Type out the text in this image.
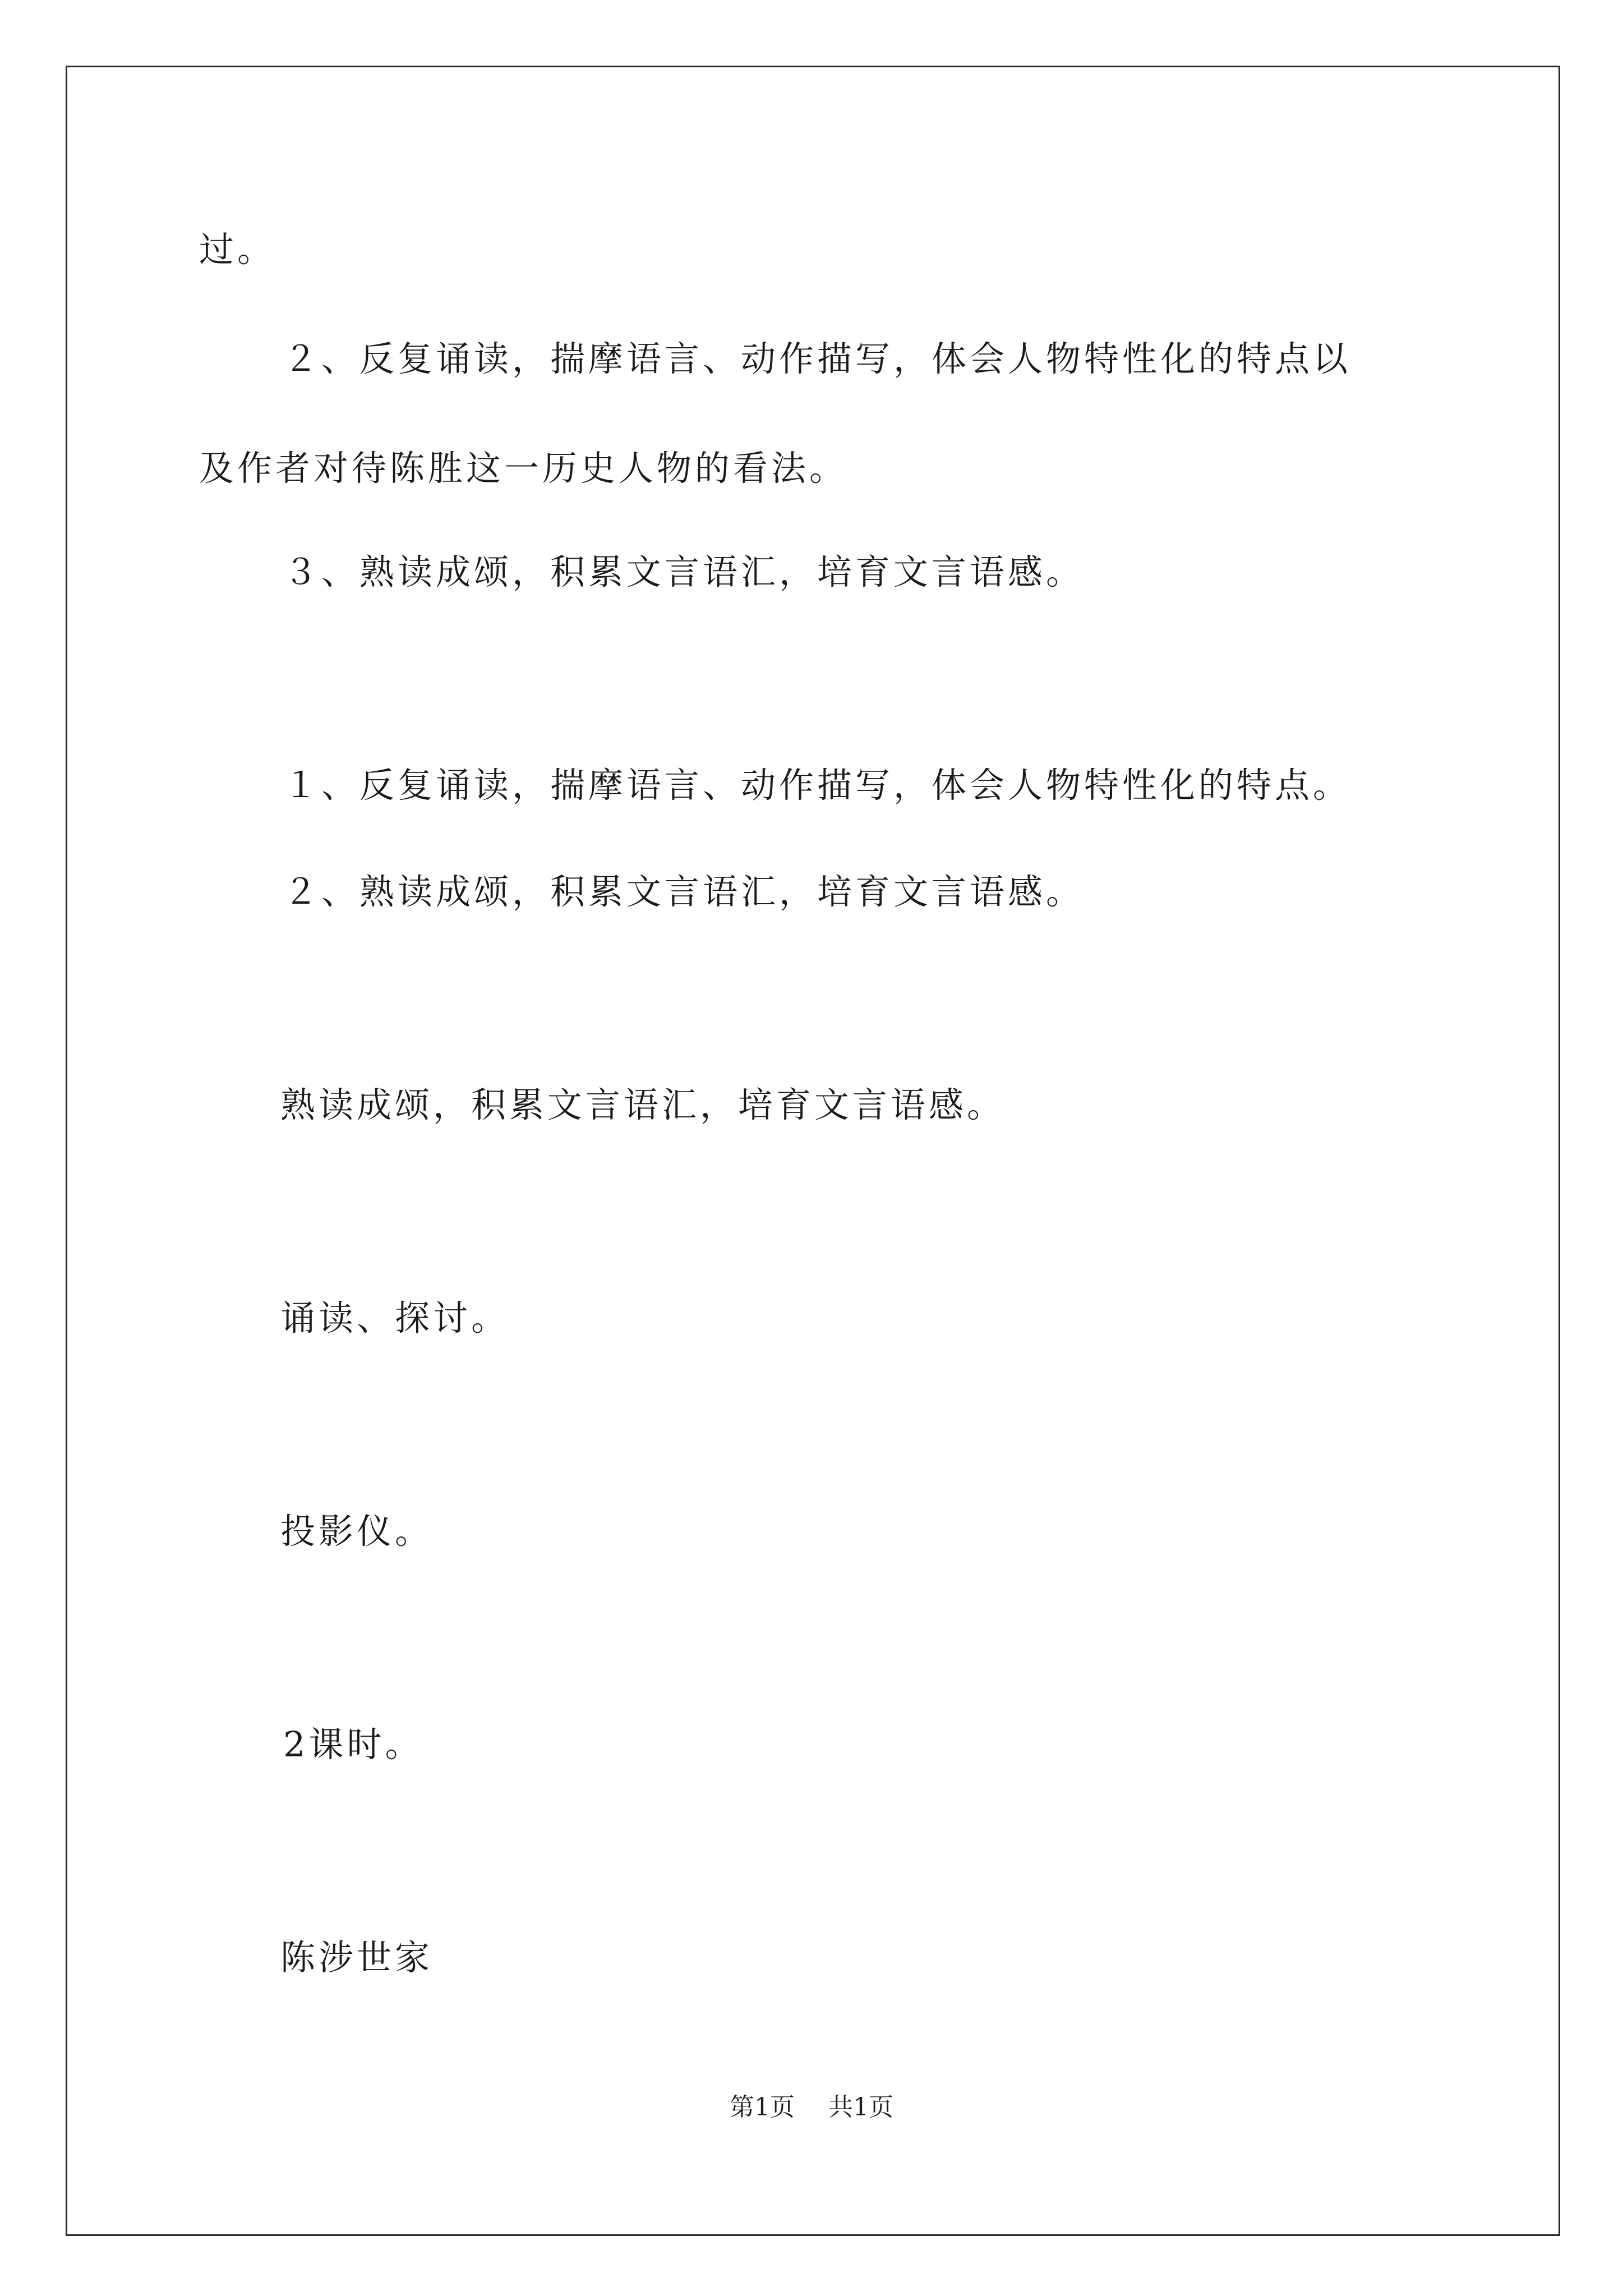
过。
２、反复诵读，揣摩语言、动作描写，体会人物特性化的特点以
及作者对待陈胜这一历史人物的看法。
３、熟读成颂，积累文言语汇，培育文言语感。
１、反复诵读，揣摩语言、动作描写，体会人物特性化的特点。
２、熟读成颂，积累文言语汇，培育文言语感。
熟读成颂，积累文言语汇，培育文言语感。
诵读、探讨。
投影仪。
2课时。
陈涉世家
第1页 共1页
